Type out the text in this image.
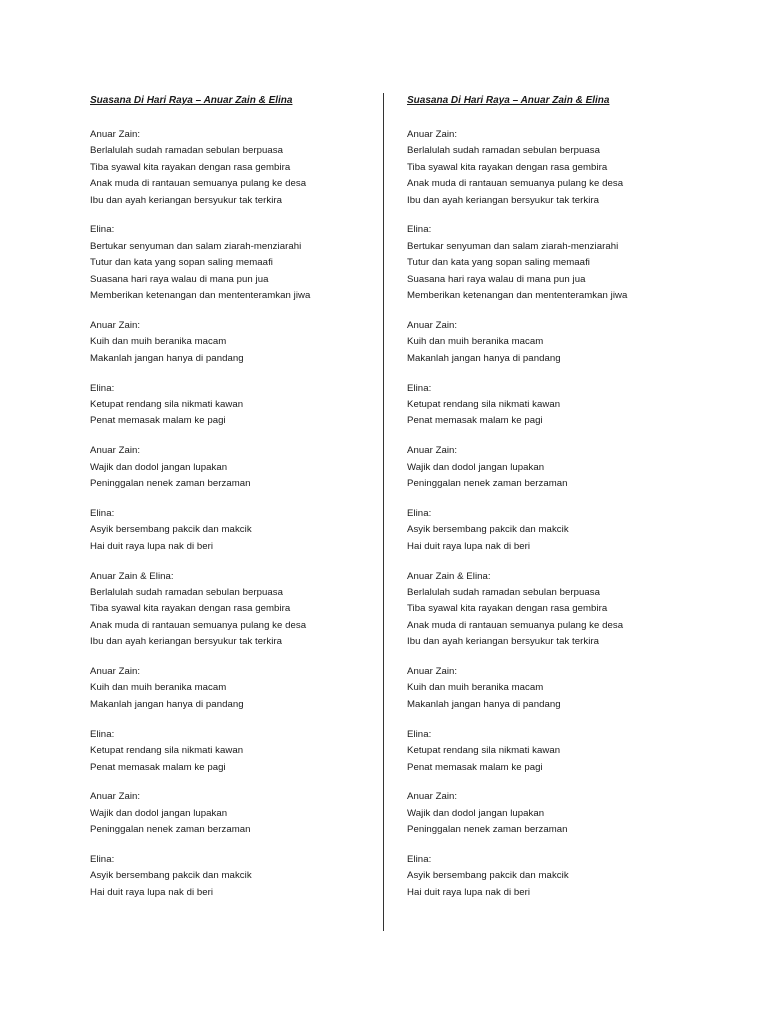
Suasana Di Hari Raya – Anuar Zain & Elina
Anuar Zain:
Berlalulah sudah ramadan sebulan berpuasa
Tiba syawal kita rayakan dengan rasa gembira
Anak muda di rantauan semuanya pulang ke desa
Ibu dan ayah keriangan bersyukur tak terkira
Elina:
Bertukar senyuman dan salam ziarah-menziarahi
Tutur dan kata yang sopan saling memaafi
Suasana hari raya walau di mana pun jua
Memberikan ketenangan dan mententeramkan jiwa
Anuar Zain:
Kuih dan muih beranika macam
Makanlah jangan hanya di pandang
Elina:
Ketupat rendang sila nikmati kawan
Penat memasak malam ke pagi
Anuar Zain:
Wajik dan dodol jangan lupakan
Peninggalan nenek zaman berzaman
Elina:
Asyik bersembang pakcik dan makcik
Hai duit raya lupa nak di beri
Anuar Zain & Elina:
Berlalulah sudah ramadan sebulan berpuasa
Tiba syawal kita rayakan dengan rasa gembira
Anak muda di rantauan semuanya pulang ke desa
Ibu dan ayah keriangan bersyukur tak terkira
Anuar Zain:
Kuih dan muih beranika macam
Makanlah jangan hanya di pandang
Elina:
Ketupat rendang sila nikmati kawan
Penat memasak malam ke pagi
Anuar Zain:
Wajik dan dodol jangan lupakan
Peninggalan nenek zaman berzaman
Elina:
Asyik bersembang pakcik dan makcik
Hai duit raya lupa nak di beri
Suasana Di Hari Raya – Anuar Zain & Elina
Anuar Zain:
Berlalulah sudah ramadan sebulan berpuasa
Tiba syawal kita rayakan dengan rasa gembira
Anak muda di rantauan semuanya pulang ke desa
Ibu dan ayah keriangan bersyukur tak terkira
Elina:
Bertukar senyuman dan salam ziarah-menziarahi
Tutur dan kata yang sopan saling memaafi
Suasana hari raya walau di mana pun jua
Memberikan ketenangan dan mententeramkan jiwa
Anuar Zain:
Kuih dan muih beranika macam
Makanlah jangan hanya di pandang
Elina:
Ketupat rendang sila nikmati kawan
Penat memasak malam ke pagi
Anuar Zain:
Wajik dan dodol jangan lupakan
Peninggalan nenek zaman berzaman
Elina:
Asyik bersembang pakcik dan makcik
Hai duit raya lupa nak di beri
Anuar Zain & Elina:
Berlalulah sudah ramadan sebulan berpuasa
Tiba syawal kita rayakan dengan rasa gembira
Anak muda di rantauan semuanya pulang ke desa
Ibu dan ayah keriangan bersyukur tak terkira
Anuar Zain:
Kuih dan muih beranika macam
Makanlah jangan hanya di pandang
Elina:
Ketupat rendang sila nikmati kawan
Penat memasak malam ke pagi
Anuar Zain:
Wajik dan dodol jangan lupakan
Peninggalan nenek zaman berzaman
Elina:
Asyik bersembang pakcik dan makcik
Hai duit raya lupa nak di beri
